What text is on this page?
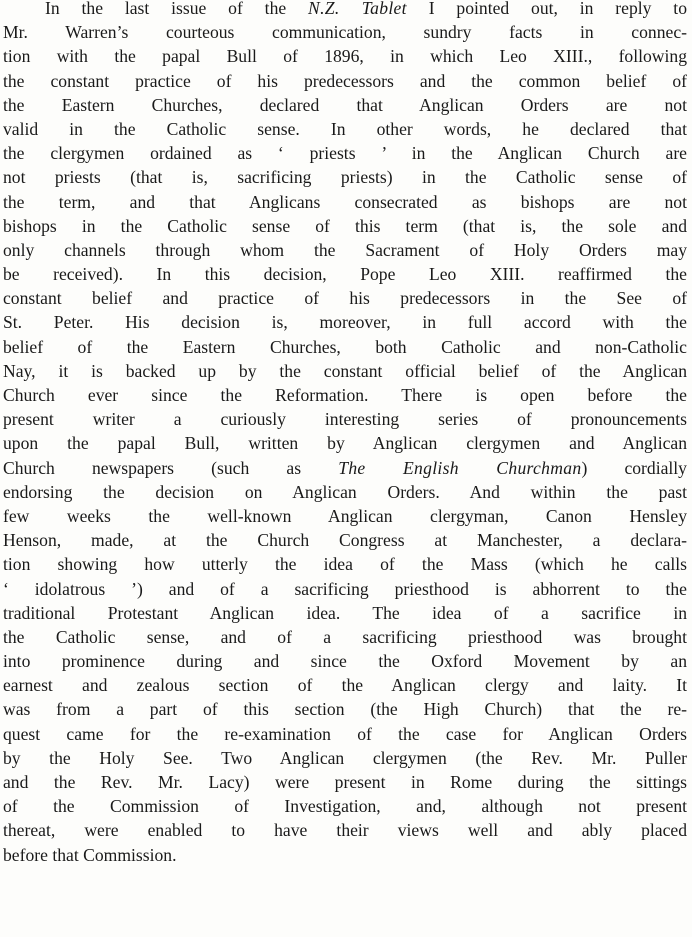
In the last issue of the N.Z. Tablet I pointed out, in reply to
Mr. Warren’s courteous communication, sundry facts in connec-
tion with the papal Bull of 1896, in which Leo XIII., following
the constant practice of his predecessors and the common belief of
the Eastern Churches, declared that Anglican Orders are not
valid in the Catholic sense. In other words, he declared that
the clergymen ordained as ‘ priests ’ in the Anglican Church are
not priests (that is, sacrificing priests) in the Catholic sense of
the term, and that Anglicans consecrated as bishops are not
bishops in the Catholic sense of this term (that is, the sole and
only channels through whom the Sacrament of Holy Orders may
be received). In this decision, Pope Leo XIII. reaffirmed the
constant belief and practice of his predecessors in the See of
St. Peter. His decision is, moreover, in full accord with the
belief of the Eastern Churches, both Catholic and non-Catholic
Nay, it is backed up by the constant official belief of the Anglican
Church ever since the Reformation. There is open before the
present writer a curiously interesting series of pronouncements
upon the papal Bull, written by Anglican clergymen and Anglican
Church newspapers (such as The English Churchman) cordially
endorsing the decision on Anglican Orders. And within the past
few weeks the well-known Anglican clergyman, Canon Hensley
Henson, made, at the Church Congress at Manchester, a declara-
tion showing how utterly the idea of the Mass (which he calls
‘ idolatrous ’) and of a sacrificing priesthood is abhorrent to the
traditional Protestant Anglican idea. The idea of a sacrifice in
the Catholic sense, and of a sacrificing priesthood was brought
into prominence during and since the Oxford Movement by an
earnest and zealous section of the Anglican clergy and laity. It
was from a part of this section (the High Church) that the re-
quest came for the re-examination of the case for Anglican Orders
by the Holy See. Two Anglican clergymen (the Rev. Mr. Puller
and the Rev. Mr. Lacy) were present in Rome during the sittings
of the Commission of Investigation, and, although not present
thereat, were enabled to have their views well and ably placed
before that Commission.
